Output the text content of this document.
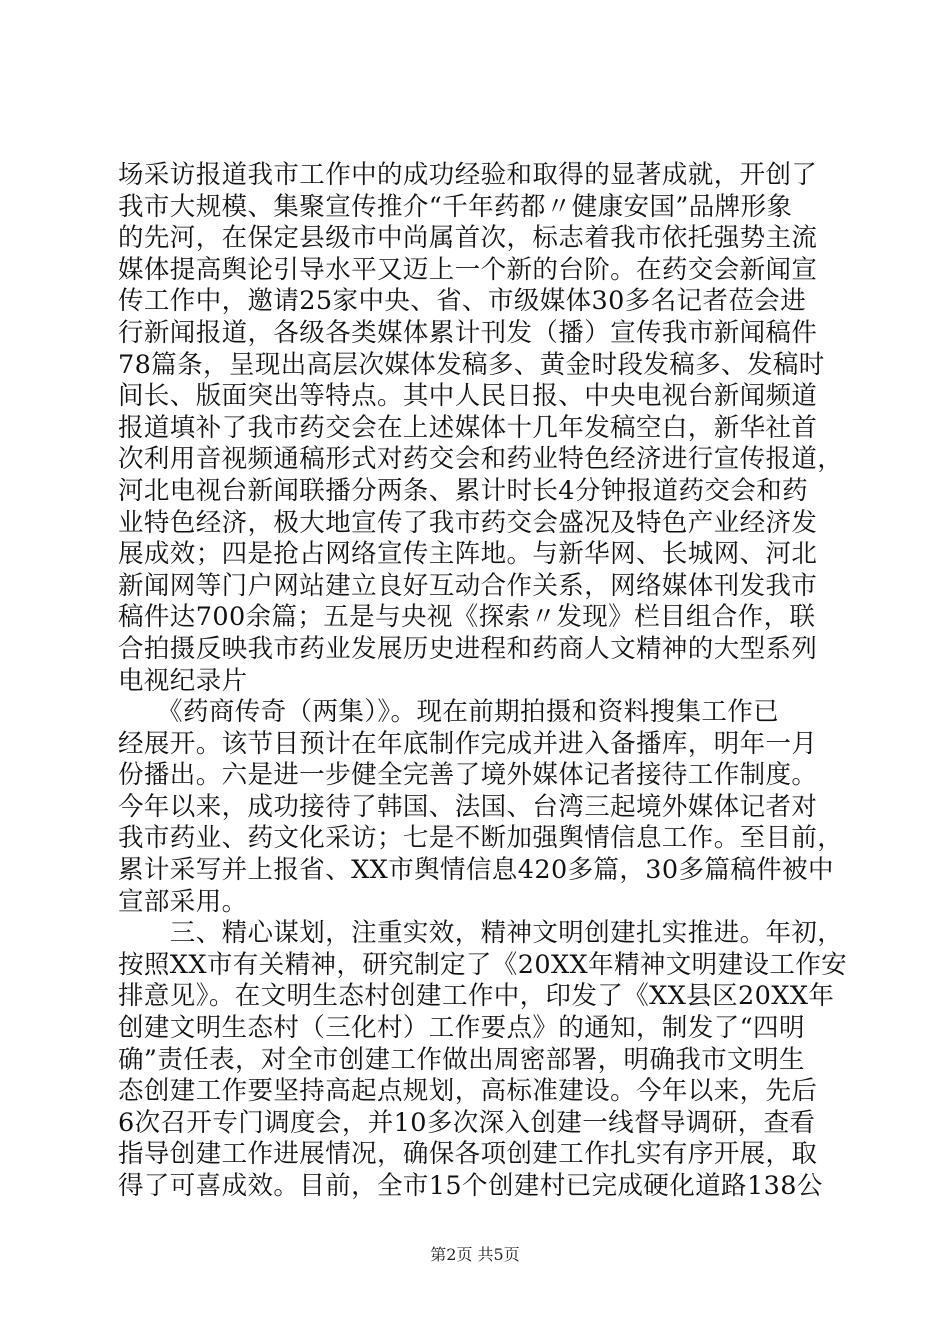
场采访报道我市工作中的成功经验和取得的显著成就，开创了
我市大规模、集聚宣传推介“千年药都〃健康安国”品牌形象
的先河，在保定县级市中尚属首次，标志着我市依托强势主流
媒体提高舆论引导水平又迈上一个新的台阶。在药交会新闻宣
传工作中，邀请25家中央、省、市级媒体30多名记者莅会进
行新闻报道，各级各类媒体累计刊发（播）宣传我市新闻稿件
78篇条，呈现出高层次媒体发稿多、黄金时段发稿多、发稿时
间长、版面突出等特点。其中人民日报、中央电视台新闻频道
报道填补了我市药交会在上述媒体十几年发稿空白，新华社首
次利用音视频通稿形式对药交会和药业特色经济进行宣传报道，
河北电视台新闻联播分两条、累计时长4分钟报道药交会和药
业特色经济，极大地宣传了我市药交会盛况及特色产业经济发
展成效；四是抢占网络宣传主阵地。与新华网、长城网、河北
新闻网等门户网站建立良好互动合作关系，网络媒体刊发我市
稿件达700余篇；五是与央视《探索〃发现》栏目组合作，联
合拍摄反映我市药业发展历史进程和药商人文精神的大型系列
电视纪录片
　　《药商传奇（两集）》。现在前期拍摄和资料搜集工作已
经展开。该节目预计在年底制作完成并进入备播库，明年一月
份播出。六是进一步健全完善了境外媒体记者接待工作制度。
今年以来，成功接待了韩国、法国、台湾三起境外媒体记者对
我市药业、药文化采访；七是不断加强舆情信息工作。至目前，
累计采写并上报省、XX市舆情信息420多篇，30多篇稿件被中
宣部采用。
　　三、精心谋划，注重实效，精神文明创建扎实推进。年初，
按照XX市有关精神，研究制定了《20XX年精神文明建设工作安
排意见》。在文明生态村创建工作中，印发了《XX县区20XX年
创建文明生态村（三化村）工作要点》的通知，制发了“四明
确”责任表，对全市创建工作做出周密部署，明确我市文明生
态创建工作要坚持高起点规划，高标准建设。今年以来，先后
6次召开专门调度会，并10多次深入创建一线督导调研，查看
指导创建工作进展情况，确保各项创建工作扎实有序开展，取
得了可喜成效。目前，全市15个创建村已完成硬化道路138公
第2页 共5页
